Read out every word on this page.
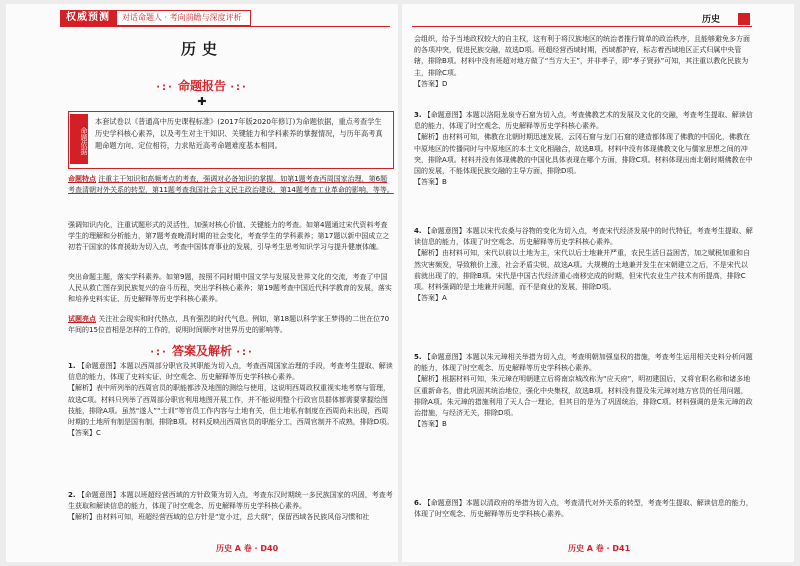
权威预测	对话命题人 · 考向前瞻与深度评析
历史
·:· 命题报告 ·:·
✚
本套试卷以《普通高中历史课程标准》(2017年版2020年修订)为命题依据，重点考查学生历史学科核心素养，以及考生对主干知识、关键能力和学科素养的掌握情况，与历年高考真题命题方向、定位相符，力求贴近高考命题难度基本相同。
命题依据
命题特点 注重主干知识和高频考点的考查，强调对必备知识的掌握。如第1题考查西周国家治理，第6题考查清朝对外关系的转型，第11题考查我国社会主义民主政治建设，第14题考查工业革命的影响，等等。
强调知识内化，注重试题形式的灵活性，加强对核心价值、关键能力的考查。如第4题通过宋代资料考查学生的理解和分析能力，第7题考查晚清时期的社会变化，考查学生的学科素养；第17题以新中国成立之初若干国家的体育援助为切入点，考查中国体育事业的发展，引导考生思考知识学习与提升健康体魄。
突出命题主题，落实学科素养。如第9题，按照不同时期中国文学与发展及世界文化的交流，考查了中国人民从救亡图存到民族复兴的奋斗历程，突出学科核心素养；第19题考查中国近代科学教育的发展，落实和培养史料实证、历史解释等历史学科核心素养。
试题亮点 关注社会现实和时代热点，具有强烈的时代气息。例如，第18题以科学家王梦得的二世在位70年间的15位首相是怎样的工作的，说明时间顺序对世界历史的影响等。
·:· 答案及解析 ·:·
1. 【命题意图】本题以西周部分职官及其职能为切入点，考查西周国家治理的手段，考查考生提取、解读信息的能力，体现了史料实证、时空观念、历史解释等历史学科核心素养。
【解析】表中所列举的西周官员的职能都涉及地图的测绘与使用，这说明西周政权重视实地考察与管理，故选C项。材料只列举了西周部分职官利用地图开展工作，并不能说明整个行政官员群体都需要掌握绘图技能，排除A项。虽然“遂人”“土训”等官员工作内容与土地有关，但土地私有制度在西周尚未出现，西周时期的土地所有制是国有制，排除B项。材料反映出西周官员的职能分工，西周官制并不成熟，排除D项。
【答案】C
2. 【命题意图】本题以班超经营西域的方针政策为切入点，考查东汉时期统一多民族国家的巩固，考查考生获取和解读信息的能力，体现了时空观念、历史解释等历史学科核心素养。
【解析】由材料可知，班超经营西域的总方针是“宽小过，总大纲”，保留西域各民族风俗习惯和社
历史 A 卷 · D40
历史
会组织，给予当地政权较大的自主权，这有利于将汉族地区的统治者推行简单的政治秩序，且能够避免多方面的各项冲突，促进民族交融，故选D项。班超经营西域时期，西域都护府，标志着西域地区正式归属中央管辖，排除B项。材料中没有班超对地方做了“当方大王”，并非孝子，即“孝子贤孙”可知，其注重以教化民族为主，排除C项。
【答案】D
3. 【命题意图】本题以洛阳龙泉寺石窟为切入点，考查佛教艺术的发展及文化的交融，考查考生提取、解读信息的能力，体现了时空观念、历史解释等历史学科核心素养。
【解析】由材料可知，佛教在北朝时期迅速发展，云冈石窟与龙门石窟的建造都体现了佛教的中国化，佛教在中原地区的传播同时与中原地区的本土文化相融合，故选B项。材料中没有体现佛教文化与儒家思想之间的冲突，排除A项。材料并没有体现佛教的中国化具体表现在哪个方面，排除C项。材料体现出南北朝时期佛教在中国的发展，不能体现民族交融的主导方面，排除D项。
【答案】B
4. 【命题意图】本题以宋代农桑与谷物的变化为切入点，考查宋代经济发展中的时代特征，考查考生提取、解读信息的能力，体现了时空观念、历史解释等历史学科核心素养。
【解析】由材料可知，宋代以前以土地为主，宋代以后土地兼并严重，农民生活日益困苦，加之赋税加重和自然灾害频发，导致粮价上涨，社会矛盾尖锐，故选A项。大规模的土地兼并发生在宋朝建立之后，不是宋代以前就出现了的，排除B项。宋代是中国古代经济重心南移完成的时期，但宋代农业生产技术有所提高，排除C项。材料强调的是土地兼并问题，而不是商业的发展，排除D项。
【答案】A
5. 【命题意图】本题以朱元璋相关举措为切入点，考查明朝加强皇权的措施，考查考生运用相关史料分析问题的能力，体现了时空观念、历史解释等历史学科核心素养。
【解析】根据材料可知，朱元璋在明朝建立后将南京城改称为“应天府”，明初建国后，又将官职名称和诸多地区重新命名，借此巩固其统治地位，强化中央集权，故选B项。材料没有提及朱元璋对地方官员的任用问题，排除A项。朱元璋的措施利用了天人合一理论，但其目的是为了巩固统治，排除C项。材料强调的是朱元璋的政治措施，与经济无关，排除D项。
【答案】B
6. 【命题意图】本题以清政府的举措为切入点，考查清代对外关系的转型，考查考生提取、解读信息的能力，体现了时空观念、历史解释等历史学科核心素养。
历史 A 卷 · D41
